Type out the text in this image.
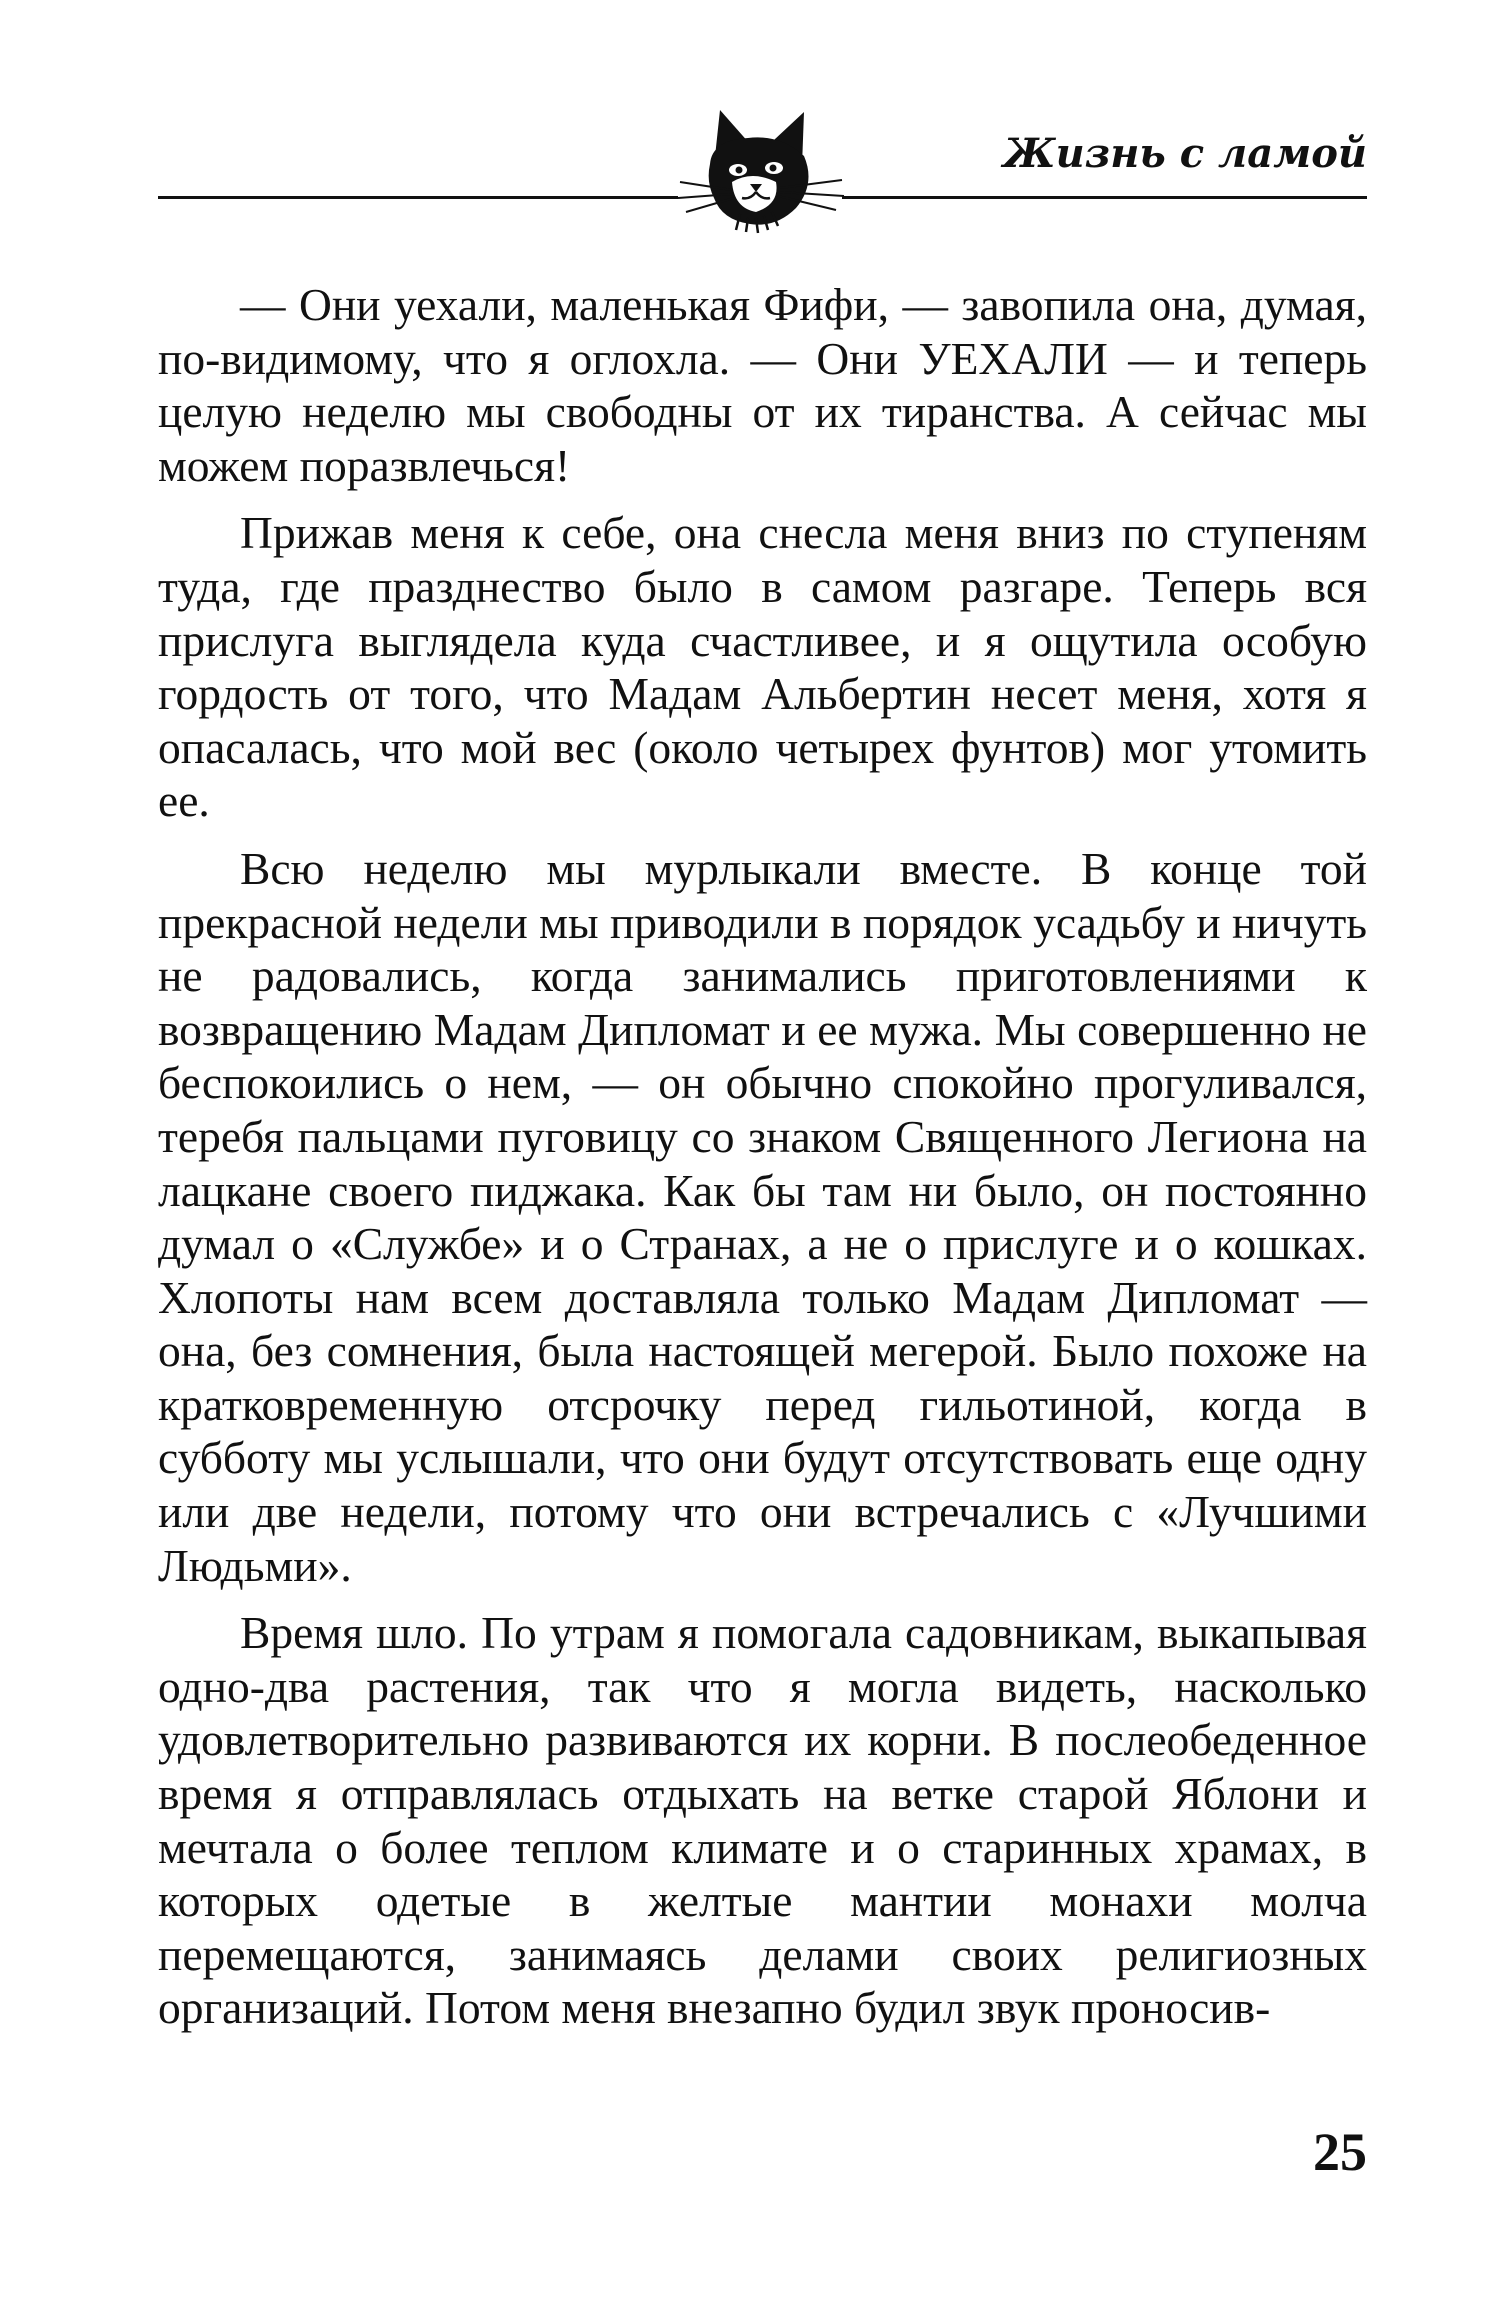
Жизнь с ламой

— Они уехали, маленькая Фифи, — завопила она, думая, по-видимому, что я оглохла. — Они УЕХАЛИ — и теперь целую неделю мы свободны от их тиранства. А сейчас мы можем поразвлечься!

Прижав меня к себе, она снесла меня вниз по ступеням туда, где празднество было в самом разгаре. Теперь вся прислуга выглядела куда счастливее, и я ощутила особую гордость от того, что Мадам Альбертин несет меня, хотя я опасалась, что мой вес (около четырех фунтов) мог утомить ее.

Всю неделю мы мурлыкали вместе. В конце той прекрасной недели мы приводили в порядок усадьбу и ничуть не радовались, когда занимались приготовлениями к возвращению Мадам Дипломат и ее мужа. Мы совершенно не беспокоились о нем, — он обычно спокойно прогуливался, теребя пальцами пуговицу со знаком Священного Легиона на лацкане своего пиджака. Как бы там ни было, он постоянно думал о «Службе» и о Странах, а не о прислуге и о кошках. Хлопоты нам всем доставляла только Мадам Дипломат — она, без сомнения, была настоящей мегерой. Было похоже на кратковременную отсрочку перед гильотиной, когда в субботу мы услышали, что они будут отсутствовать еще одну или две недели, потому что они встречались с «Лучшими Людьми».

Время шло. По утрам я помогала садовникам, выкапывая одно-два растения, так что я могла видеть, насколько удовлетворительно развиваются их корни. В послеобеденное время я отправлялась отдыхать на ветке старой Яблони и мечтала о более теплом климате и о старинных храмах, в которых одетые в желтые мантии монахи молча перемещаются, занимаясь делами своих религиозных организаций. Потом меня внезапно будил звук проносив-

25
